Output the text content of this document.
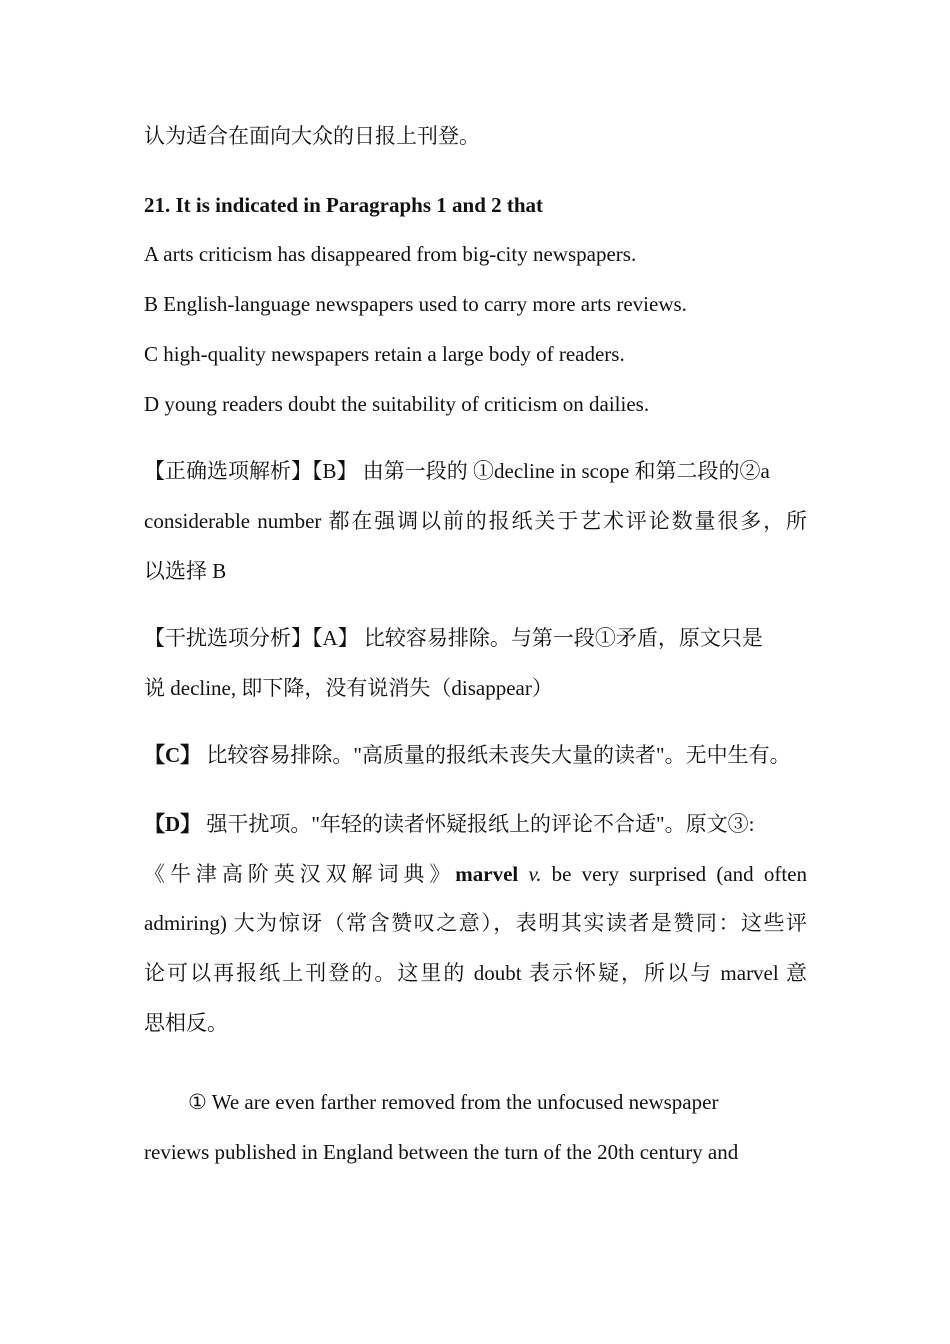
认为适合在面向大众的日报上刊登。
21. It is indicated in Paragraphs 1 and 2 that
A arts criticism has disappeared from big-city newspapers.
B English-language newspapers used to carry more arts reviews.
C high-quality newspapers retain a large body of readers.
D young readers doubt the suitability of criticism on dailies.
【正确选项解析】【B】 由第一段的 ①decline in scope 和第二段的②a
considerable number 都在强调以前的报纸关于艺术评论数量很多，所
以选择 B
【干扰选项分析】【A】 比较容易排除。与第一段①矛盾，原文只是
说 decline, 即下降，没有说消失（disappear）
【C】 比较容易排除。"高质量的报纸未丧失大量的读者"。无中生有。
【D】 强干扰项。"年轻的读者怀疑报纸上的评论不合适"。原文③:
《牛津高阶英汉双解词典》marvel v. be very surprised (and often
admiring) 大为惊讶（常含赞叹之意），表明其实读者是赞同：这些评
论可以再报纸上刊登的。这里的 doubt 表示怀疑，所以与 marvel 意
思相反。
① We are even farther removed from the unfocused newspaper
reviews published in England between the turn of the 20th century and
